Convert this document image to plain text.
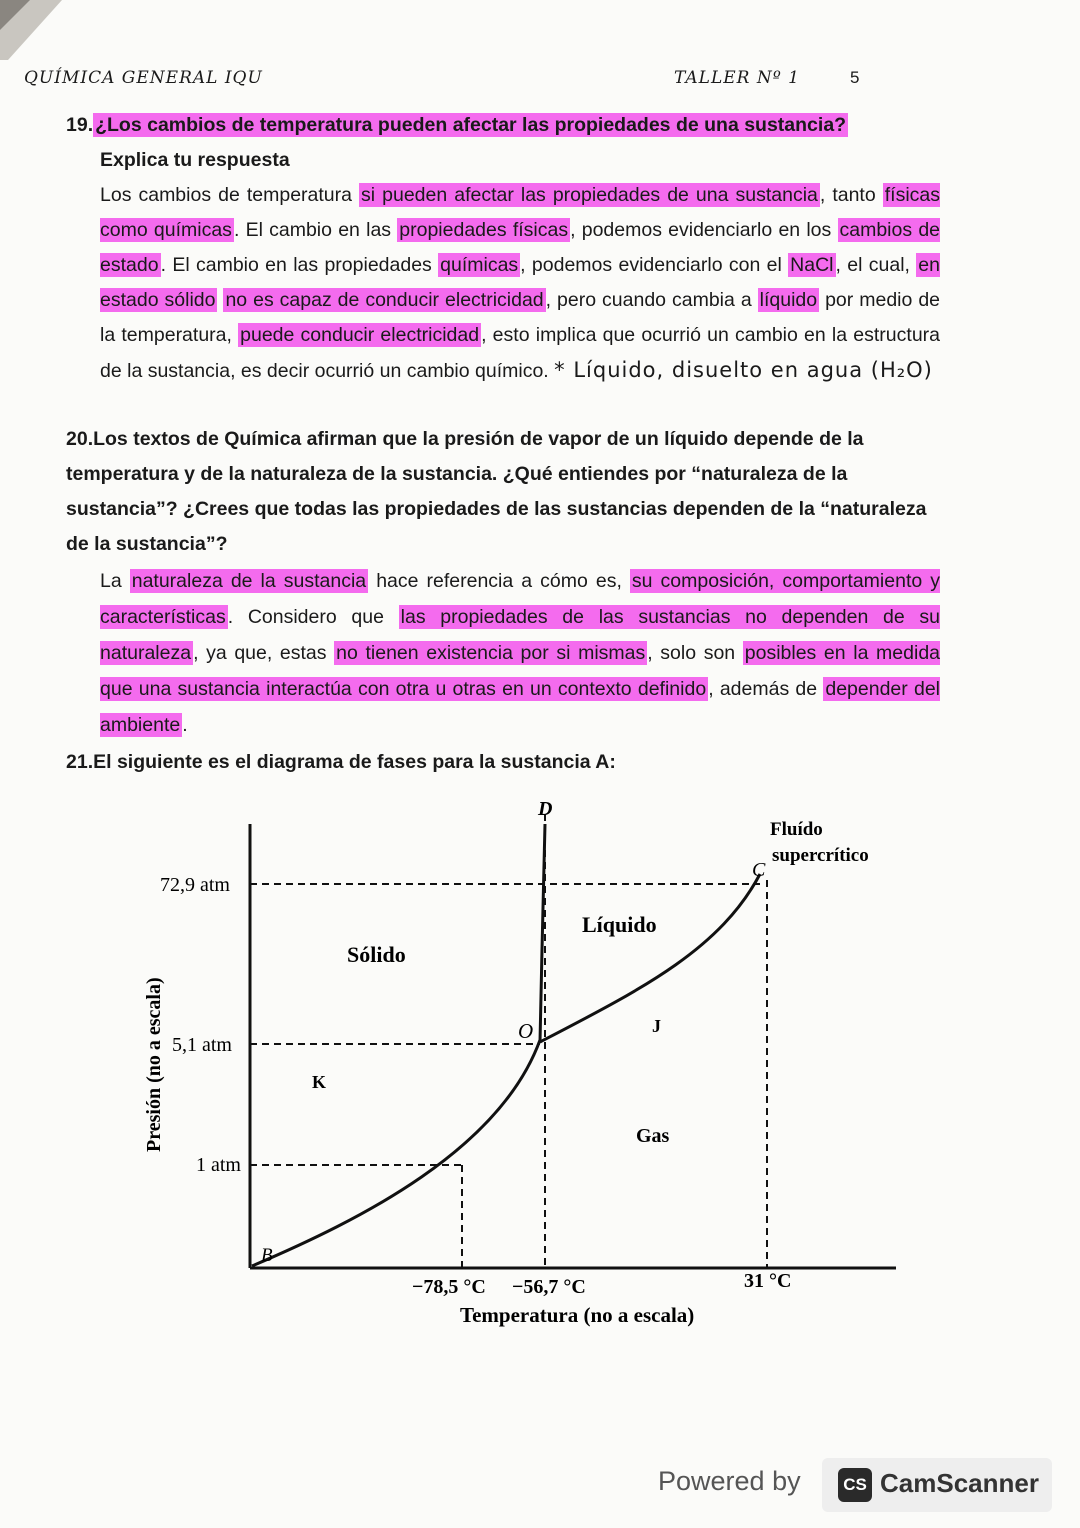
QUÍMICA GENERAL IQU	TALLER Nº 1	5
19. ¿Los cambios de temperatura pueden afectar las propiedades de una sustancia?
Explica tu respuesta
Los cambios de temperatura si pueden afectar las propiedades de una sustancia , tanto físicas como químicas . El cambio en las propiedades físicas , podemos evidenciarlo en los cambios de estado . El cambio en las propiedades químicas , podemos evidenciarlo con el NaCl , el cual, en estado sólido no es capaz de conducir electricidad , pero cuando cambia a líquido por medio de la temperatura, puede conducir electricidad , esto implica que ocurrió un cambio en la estructura de la sustancia, es decir ocurrió un cambio químico. * Líquido, disuelto en agua (H₂O)
20.Los textos de Química afirman que la presión de vapor de un líquido depende de la temperatura y de la naturaleza de la sustancia. ¿Qué entiendes por “naturaleza de la sustancia”? ¿Crees que todas las propiedades de las sustancias dependen de la “naturaleza de la sustancia”?
La naturaleza de la sustancia hace referencia a cómo es, su composición, comportamiento y características . Considero que las propiedades de las sustancias no dependen de su naturaleza , ya que, estas no tienen existencia por si mismas , solo son posibles en la medida que una sustancia interactúa con otra u otras en un contexto definido , además de depender del ambiente .
21.El siguiente es el diagrama de fases para la sustancia A:
72,9 atm
5,1 atm
1 atm
−78,5 °C −56,7 °C	31 °C
Temperatura (no a escala)
Presión (no a escala)
Sólido
Líquido
Gas
Fluído supercrítico
D
C
O	J
K
B
Powered by	CS CamScanner
